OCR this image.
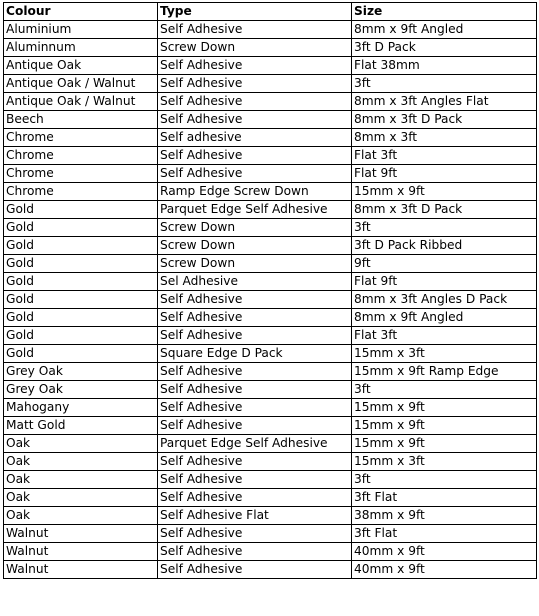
Colour	Type	Size
Aluminium	Self Adhesive	8mm x 9ft Angled
Aluminnum	Screw Down	3ft D Pack
Antique Oak	Self Adhesive	Flat 38mm
Antique Oak / Walnut	Self Adhesive	3ft
Antique Oak / Walnut	Self Adhesive	8mm x 3ft Angles Flat
Beech	Self Adhesive	8mm x 3ft D Pack
Chrome	Self adhesive	8mm x 3ft
Chrome	Self Adhesive	Flat 3ft
Chrome	Self Adhesive	Flat 9ft
Chrome	Ramp Edge Screw Down	15mm x 9ft
Gold	Parquet Edge Self Adhesive	8mm x 3ft D Pack
Gold	Screw Down	3ft
Gold	Screw Down	3ft D Pack Ribbed
Gold	Screw Down	9ft
Gold	Sel Adhesive	Flat 9ft
Gold	Self Adhesive	8mm x 3ft Angles D Pack
Gold	Self Adhesive	8mm x 9ft Angled
Gold	Self Adhesive	Flat 3ft
Gold	Square Edge D Pack	15mm x 3ft
Grey Oak	Self Adhesive	15mm x 9ft Ramp Edge
Grey Oak	Self Adhesive	3ft
Mahogany	Self Adhesive	15mm x 9ft
Matt Gold	Self Adhesive	15mm x 9ft
Oak	Parquet Edge Self Adhesive	15mm x 9ft
Oak	Self Adhesive	15mm x 3ft
Oak	Self Adhesive	3ft
Oak	Self Adhesive	3ft Flat
Oak	Self Adhesive Flat	38mm x 9ft
Walnut	Self Adhesive	3ft Flat
Walnut	Self Adhesive	40mm x 9ft
Walnut	Self Adhesive	40mm x 9ft
